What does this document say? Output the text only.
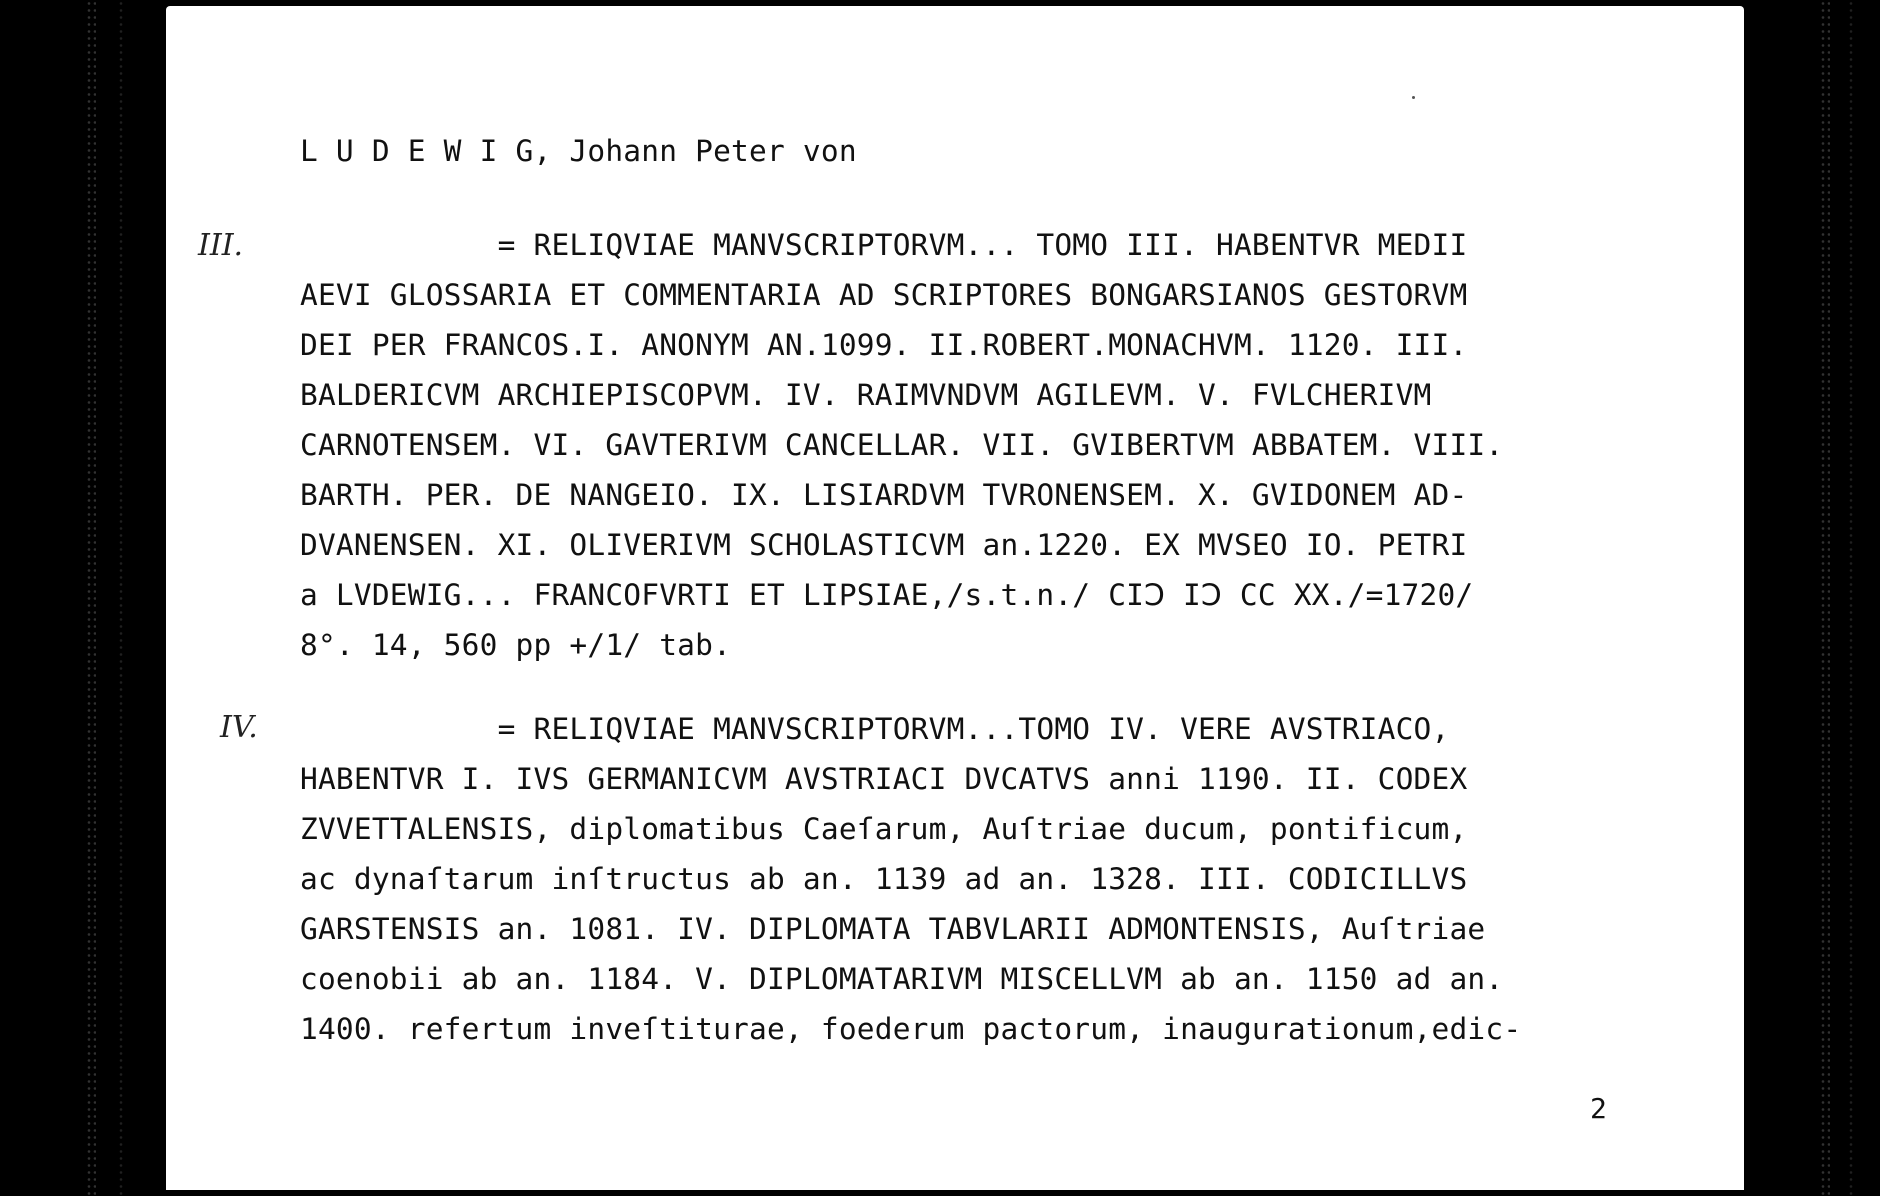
L U D E W I G, Johann Peter von
III. = RELIQVIAE MANVSCRIPTORVM... TOMO III. HABENTVR MEDII
AEVI GLOSSARIA ET COMMENTARIA AD SCRIPTORES BONGARSIANOS GESTORVM
DEI PER FRANCOS.I. ANONYM AN.1099. II.ROBERT.MONACHVM. 1120. III.
BALDERICVM ARCHIEPISCOPVM. IV. RAIMVNDVM AGILEVM. V. FVLCHERIVM
CARNOTENSEM. VI. GAVTERIVM CANCELLAR. VII. GVIBERTVM ABBATEM. VIII.
BARTH. PER. DE NANGEIO. IX. LISIARDVM TVRONENSEM. X. GVIDONEM AD-
DVANENSEN. XI. OLIVERIVM SCHOLASTICVM an.1220. EX MVSEO IO. PETRI
a LVDEWIG... FRANCOFVRTI ET LIPSIAE,/s.t.n./ CIↃ IↃ CC XX./=1720/
8°. 14, 560 pp +/1/ tab.
IV. = RELIQVIAE MANVSCRIPTORVM...TOMO IV. VERE AVSTRIACO,
HABENTVR I. IVS GERMANICVM AVSTRIACI DVCATVS anni 1190. II. CODEX
ZVVETTALENSIS, diplomatibus Caeſarum, Auſtriae ducum, pontificum,
ac dynaſtarum inſtructus ab an. 1139 ad an. 1328. III. CODICILLVS
GARSTENSIS an. 1081. IV. DIPLOMATA TABVLARII ADMONTENSIS, Auſtriae
coenobii ab an. 1184. V. DIPLOMATARIVM MISCELLVM ab an. 1150 ad an.
1400. refertum inveſtiturae, foederum pactorum, inaugurationum,edic-
2
